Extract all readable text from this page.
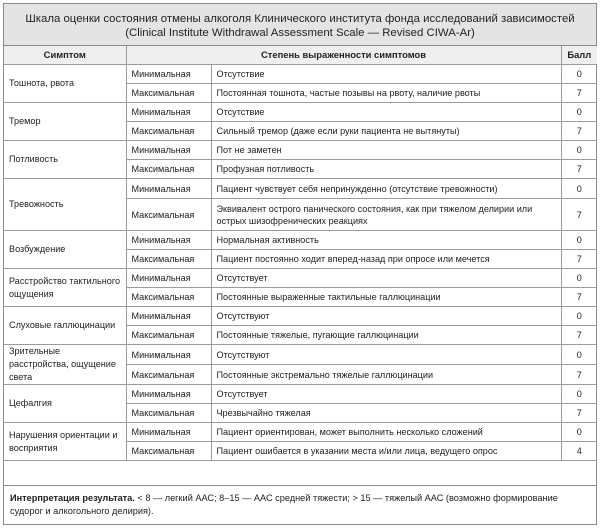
Шкала оценки состояния отмены алкоголя Клинического института фонда исследований зависимостей
(Clinical Institute Withdrawal Assessment Scale — Revised CIWA-Ar)
Симптом	Степень выраженности симптомов		Балл
Тошнота, рвота	Минимальная	Отсутствие	0
	Максимальная	Постоянная тошнота, частые позывы на рвоту, наличие рвоты	7
Тремор	Минимальная	Отсутствие	0
	Максимальная	Сильный тремор (даже если руки пациента не вытянуты)	7
Потливость	Минимальная	Пот не заметен	0
	Максимальная	Профузная потливость	7
Тревожность	Минимальная	Пациент чувствует себя непринужденно (отсутствие тревожности)	0
	Максимальная	Эквивалент острого панического состояния, как при тяжелом делирии или острых шизофренических реакциях	7
Возбуждение	Минимальная	Нормальная активность	0
	Максимальная	Пациент постоянно ходит вперед-назад при опросе или мечется	7
Расстройство тактильного ощущения	Минимальная	Отсутствует	0
	Максимальная	Постоянные выраженные тактильные галлюцинации	7
Слуховые галлюцинации	Минимальная	Отсутствуют	0
	Максимальная	Постоянные тяжелые, пугающие галлюцинации	7
Зрительные расстройства, ощущение света	Минимальная	Отсутствуют	0
	Максимальная	Постоянные экстремально тяжелые галлюцинации	7
Цефалгия	Минимальная	Отсутствует	0
	Максимальная	Чрезвычайно тяжелая	7
Нарушения ориентации и восприятия	Минимальная	Пациент ориентирован, может выполнить несколько сложений	0
	Максимальная	Пациент ошибается в указании места и/или лица, ведущего опрос	4
Интерпретация результата. < 8 — легкий ААС; 8–15 — ААС средней тяжести; > 15 — тяжелый ААС (возможно формирование судорог и алкогольного делирия).
